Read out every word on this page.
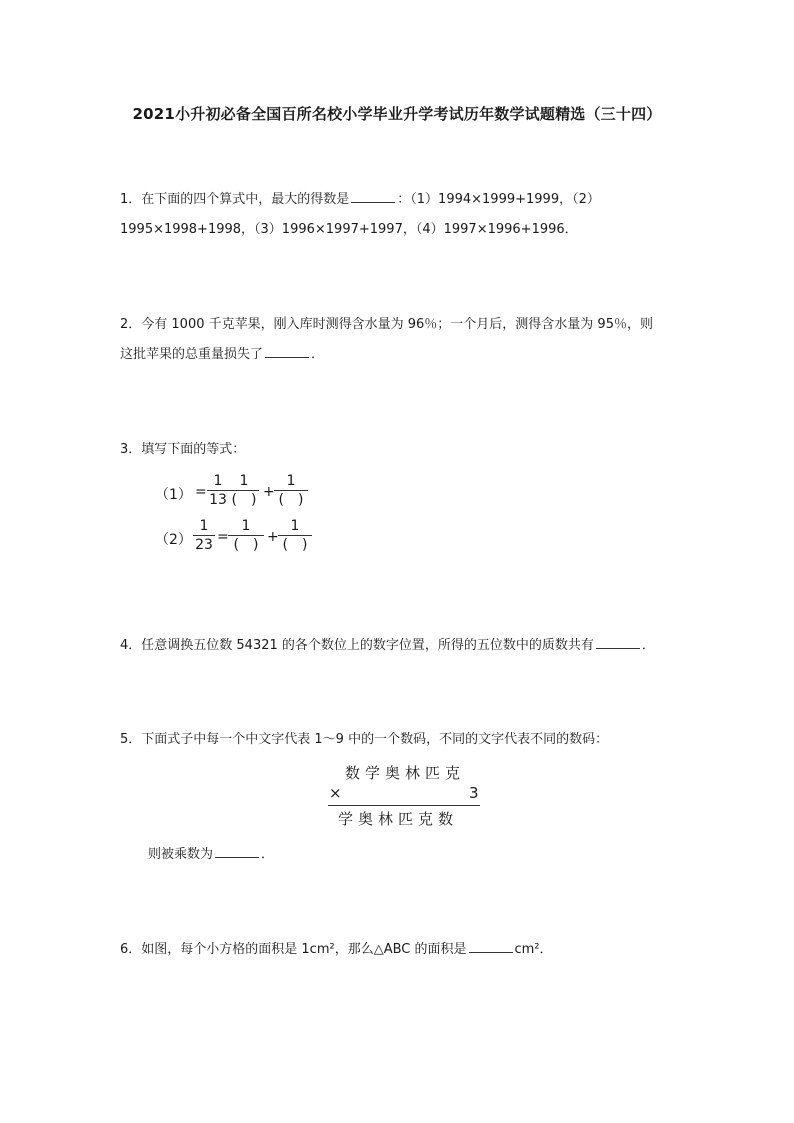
2021小升初必备全国百所名校小学毕业升学考试历年数学试题精选（三十四）
1．在下面的四个算式中，最大的得数是	：（1）1994×1999+1999，（2）
1995×1998+1998，（3）1996×1997+1997，（4）1997×1996+1996．
2．今有 1000 千克苹果，刚入库时测得含水量为 96％；一个月后，测得含水量为 95％，则
这批苹果的总重量损失了	．
3．填写下面的等式：
（1） =
1
13
1
(　) +
1
(　)
（2）
1
23 =
1
(　) +
1
(　)
4．任意调换五位数 54321 的各个数位上的数字位置，所得的五位数中的质数共有	．
5．下面式子中每一个中文字代表 1～9 中的一个数码，不同的文字代表不同的数码：
数学奥林匹克
×	3
学奥林匹克数
则被乘数为	．
6．如图，每个小方格的面积是 1cm²，那么△ABC 的面积是	cm²．
